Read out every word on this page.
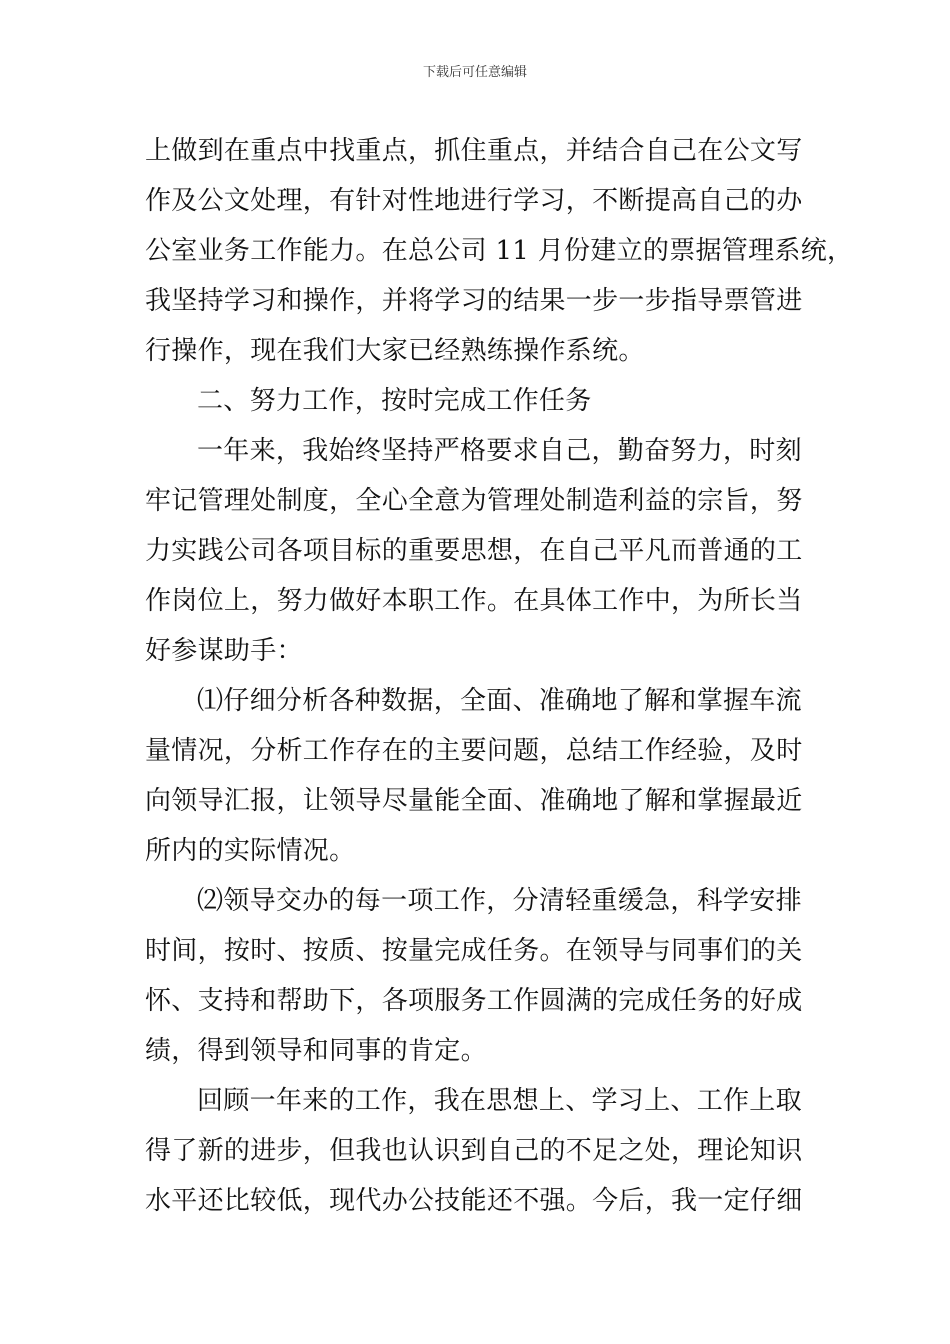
下载后可任意编辑
上做到在重点中找重点，抓住重点，并结合自己在公文写
作及公文处理，有针对性地进行学习，不断提高自己的办
公室业务工作能力。在总公司 11 月份建立的票据管理系统，
我坚持学习和操作，并将学习的结果一步一步指导票管进
行操作，现在我们大家已经熟练操作系统。
二、努力工作，按时完成工作任务
一年来，我始终坚持严格要求自己，勤奋努力，时刻
牢记管理处制度，全心全意为管理处制造利益的宗旨，努
力实践公司各项目标的重要思想，在自己平凡而普通的工
作岗位上，努力做好本职工作。在具体工作中，为所长当
好参谋助手：
⑴仔细分析各种数据，全面、准确地了解和掌握车流
量情况，分析工作存在的主要问题，总结工作经验，及时
向领导汇报，让领导尽量能全面、准确地了解和掌握最近
所内的实际情况。
⑵领导交办的每一项工作，分清轻重缓急，科学安排
时间，按时、按质、按量完成任务。在领导与同事们的关
怀、支持和帮助下，各项服务工作圆满的完成任务的好成
绩，得到领导和同事的肯定。
回顾一年来的工作，我在思想上、学习上、工作上取
得了新的进步，但我也认识到自己的不足之处，理论知识
水平还比较低，现代办公技能还不强。今后，我一定仔细
